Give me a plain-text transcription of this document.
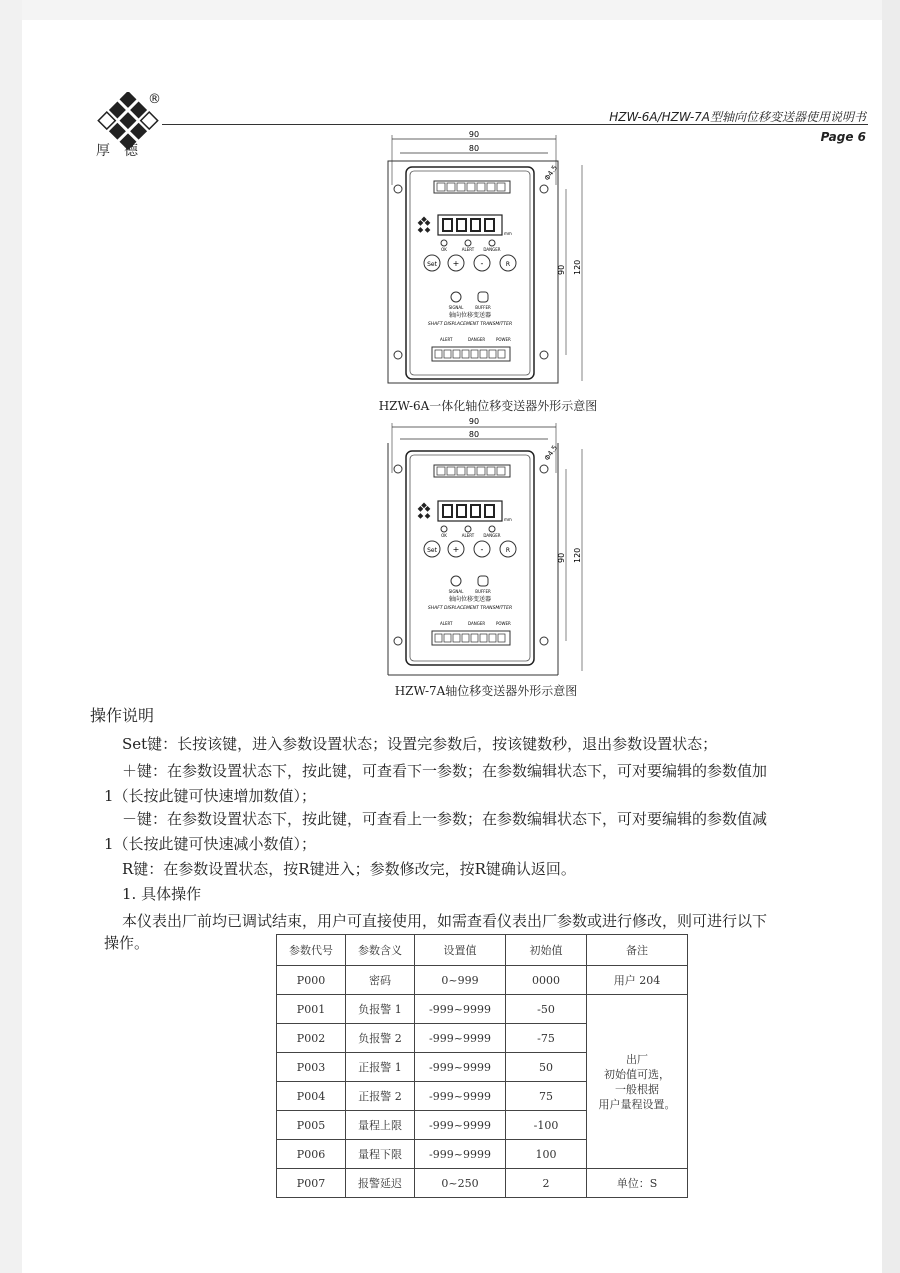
®
厚德
HZW-6A/HZW-7A型轴向位移变送器使用说明书
Page 6
90
80
Φ4.5
90 120
mm
OK	ALERT DANGER
Set +	-	R
SIGNAL	BUFFER
轴向位移变送器
SHAFT DISPLACEMENT TRANSMITTER
ALERT	DANGER	POWER
HZW-6A一体化轴位移变送器外形示意图
90
80
Φ4.5
90 120
mm
OK	ALERT DANGER
Set +	-	R
SIGNAL	BUFFER
轴向位移变送器
SHAFT DISPLACEMENT TRANSMITTER
ALERT	DANGER	POWER
HZW-7A轴位移变送器外形示意图
操作说明
Set键：长按该键，进入参数设置状态；设置完参数后，按该键数秒，退出参数设置状态；
＋键：在参数设置状态下，按此键，可查看下一参数；在参数编辑状态下，可对要编辑的参数值加
1（长按此键可快速增加数值）；
－键：在参数设置状态下，按此键，可查看上一参数；在参数编辑状态下，可对要编辑的参数值减
1（长按此键可快速减小数值）；
R键：在参数设置状态，按R键进入；参数修改完，按R键确认返回。
1. 具体操作
本仪表出厂前均已调试结束，用户可直接使用，如需查看仪表出厂参数或进行修改，则可进行以下
操作。	参数代号	参数含义	设置值	初始值	备注
P000	密码	0~999	0000	用户 204
P001	负报警 1	-999~9999	-50	出厂
初始值可选，
一般根据
用户量程设置。

P002	负报警 2	-999~9999	-75	
P003	正报警 1	-999~9999	50	
P004	正报警 2	-999~9999	75	
P005	量程上限	-999~9999	-100	
P006	量程下限	-999~9999	100	
P007	报警延迟	0~250	2	单位：S
